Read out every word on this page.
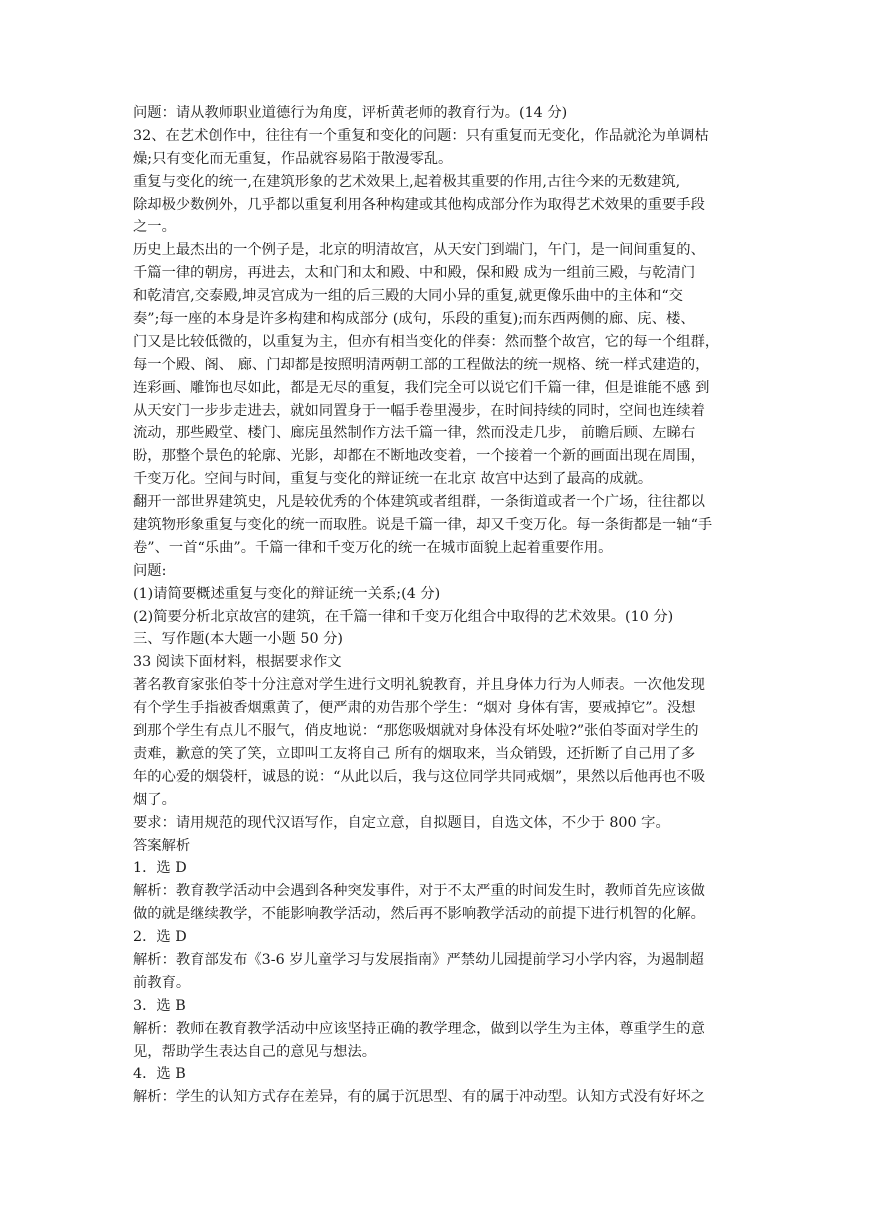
问题：请从教师职业道德行为角度，评析黄老师的教育行为。(14 分)
32、在艺术创作中，往往有一个重复和变化的问题：只有重复而无变化，作品就沦为单调枯
燥;只有变化而无重复，作品就容易陷于散漫零乱。
重复与变化的统一,在建筑形象的艺术效果上,起着极其重要的作用,古往今来的无数建筑,
除却极少数例外，几乎都以重复利用各种构建或其他构成部分作为取得艺术效果的重要手段
之一。
历史上最杰出的一个例子是，北京的明清故宫，从天安门到端门，午门，是一间间重复的、
千篇一律的朝房，再进去，太和门和太和殿、中和殿，保和殿 成为一组前三殿，与乾清门
和乾清宫,交泰殿,坤灵宫成为一组的后三殿的大同小异的重复,就更像乐曲中的主体和“交
奏”;每一座的本身是许多构建和构成部分 (成句，乐段的重复);而东西两侧的廊、庑、楼、
门又是比较低微的，以重复为主，但亦有相当变化的伴奏：然而整个故宫，它的每一个组群，
每一个殿、阁、 廊、门却都是按照明清两朝工部的工程做法的统一规格、统一样式建造的，
连彩画、雕饰也尽如此，都是无尽的重复，我们完全可以说它们千篇一律，但是谁能不感 到
从天安门一步步走进去，就如同置身于一幅手卷里漫步，在时间持续的同时，空间也连续着
流动，那些殿堂、楼门、廊庑虽然制作方法千篇一律，然而没走几步， 前瞻后顾、左睇右
盼，那整个景色的轮廓、光影，却都在不断地改变着，一个接着一个新的画面出现在周围，
千变万化。空间与时间，重复与变化的辩证统一在北京 故宫中达到了最高的成就。
翻开一部世界建筑史，凡是较优秀的个体建筑或者组群，一条街道或者一个广场，往往都以
建筑物形象重复与变化的统一而取胜。说是千篇一律，却又千变万化。每一条街都是一轴“手
卷”、一首“乐曲”。千篇一律和千变万化的统一在城市面貌上起着重要作用。
问题:
(1)请简要概述重复与变化的辩证统一关系;(4 分)
(2)简要分析北京故宫的建筑，在千篇一律和千变万化组合中取得的艺术效果。(10 分)
三、写作题(本大题一小题 50 分)
33 阅读下面材料，根据要求作文
著名教育家张伯苓十分注意对学生进行文明礼貌教育，并且身体力行为人师表。一次他发现
有个学生手指被香烟熏黄了，便严肃的劝告那个学生：“烟对 身体有害，要戒掉它”。没想
到那个学生有点儿不服气，俏皮地说：“那您吸烟就对身体没有坏处啦?”张伯苓面对学生的
责难，歉意的笑了笑，立即叫工友将自己 所有的烟取来，当众销毁，还折断了自己用了多
年的心爱的烟袋杆，诚恳的说：“从此以后，我与这位同学共同戒烟”，果然以后他再也不吸
烟了。
要求：请用规范的现代汉语写作，自定立意，自拟题目，自选文体，不少于 800 字。
答案解析
1．选 D
解析：教育教学活动中会遇到各种突发事件，对于不太严重的时间发生时，教师首先应该做
做的就是继续教学，不能影响教学活动，然后再不影响教学活动的前提下进行机智的化解。
2．选 D
解析：教育部发布《3-6 岁儿童学习与发展指南》严禁幼儿园提前学习小学内容，为遏制超
前教育。
3．选 B
解析：教师在教育教学活动中应该坚持正确的教学理念，做到以学生为主体，尊重学生的意
见，帮助学生表达自己的意见与想法。
4．选 B
解析：学生的认知方式存在差异，有的属于沉思型、有的属于冲动型。认知方式没有好坏之
